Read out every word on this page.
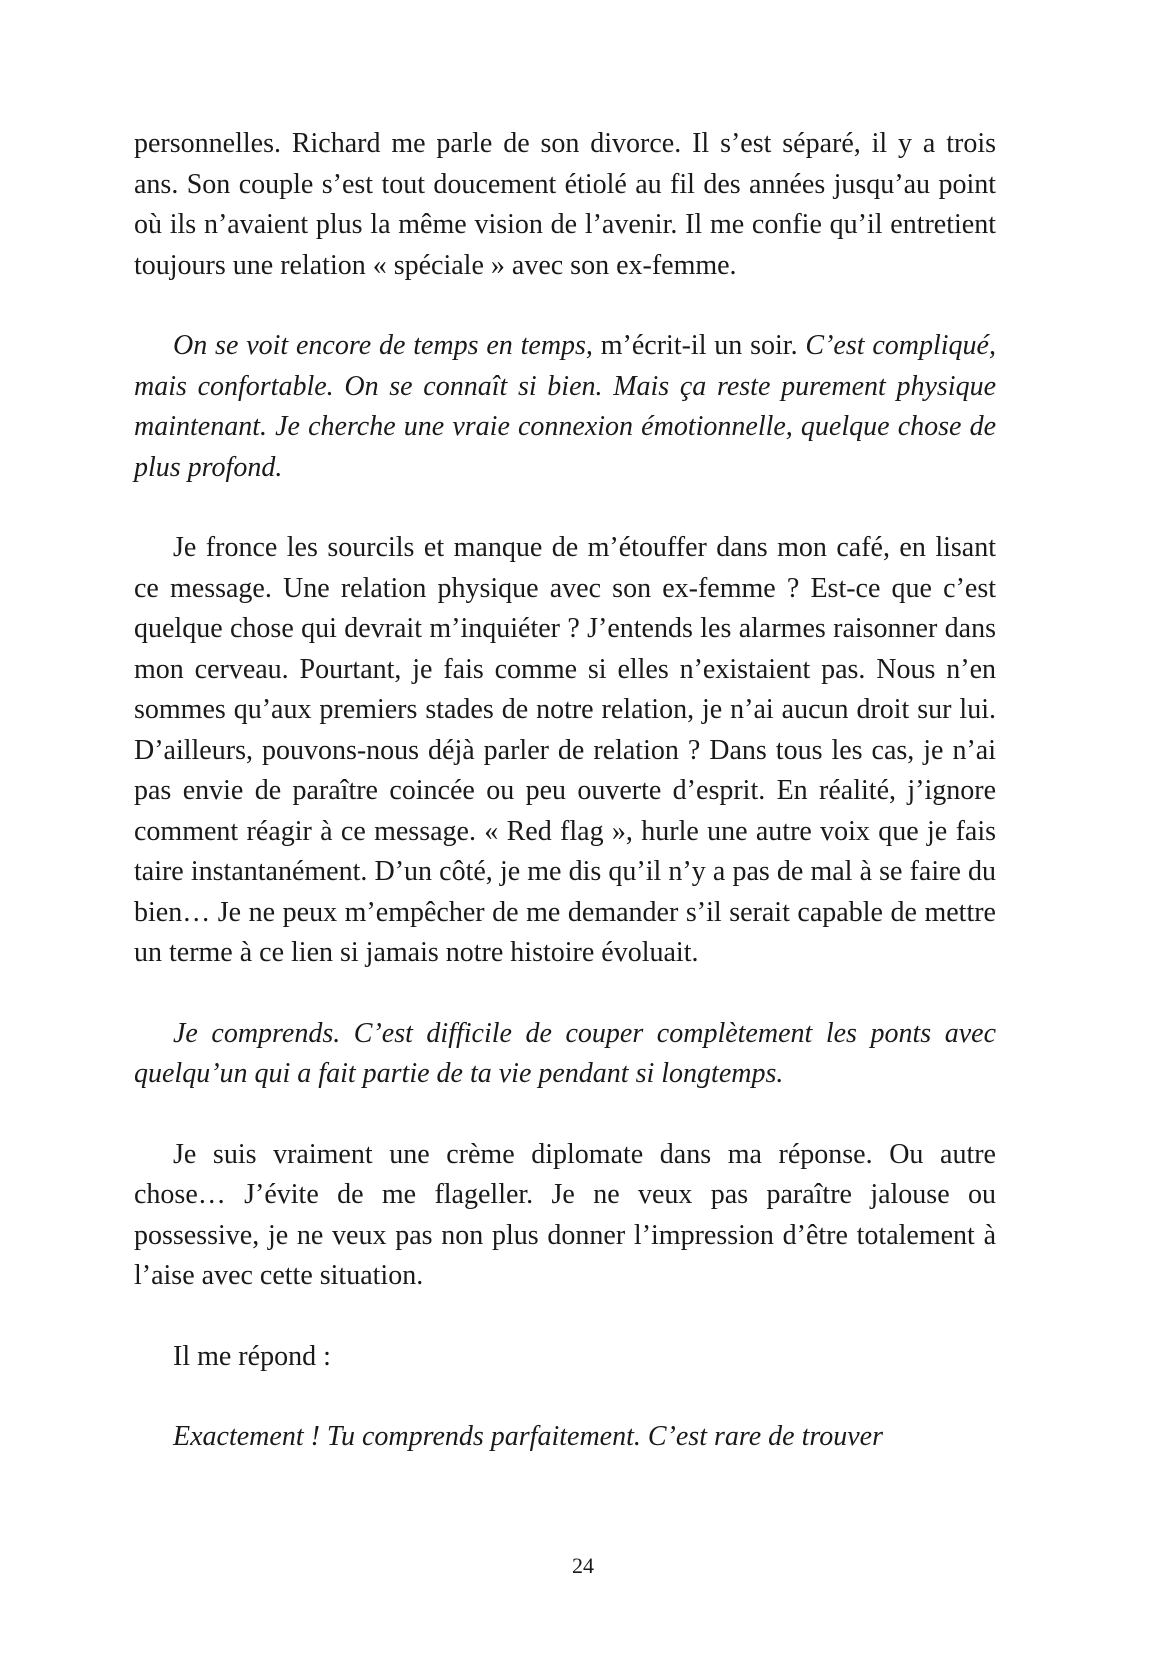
personnelles. Richard me parle de son divorce. Il s’est séparé, il y a trois ans. Son couple s’est tout doucement étiolé au fil des années jusqu’au point où ils n’avaient plus la même vision de l’avenir. Il me confie qu’il entretient toujours une relation « spéciale » avec son ex-femme.

On se voit encore de temps en temps, m’écrit-il un soir. C’est compliqué, mais confortable. On se connaît si bien. Mais ça reste purement physique maintenant. Je cherche une vraie connexion émotionnelle, quelque chose de plus profond.

Je fronce les sourcils et manque de m’étouffer dans mon café, en lisant ce message. Une relation physique avec son ex-femme ? Est-ce que c’est quelque chose qui devrait m’inquiéter ? J’entends les alarmes raisonner dans mon cerveau. Pourtant, je fais comme si elles n’existaient pas. Nous n’en sommes qu’aux premiers stades de notre relation, je n’ai aucun droit sur lui. D’ailleurs, pouvons-nous déjà parler de relation ? Dans tous les cas, je n’ai pas envie de paraître coincée ou peu ouverte d’esprit. En réalité, j’ignore comment réagir à ce message. « Red flag », hurle une autre voix que je fais taire instantanément. D’un côté, je me dis qu’il n’y a pas de mal à se faire du bien… Je ne peux m’empêcher de me demander s’il serait capable de mettre un terme à ce lien si jamais notre histoire évoluait.

Je comprends. C’est difficile de couper complètement les ponts avec quelqu’un qui a fait partie de ta vie pendant si longtemps.

Je suis vraiment une crème diplomate dans ma réponse. Ou autre chose… J’évite de me flageller. Je ne veux pas paraître jalouse ou possessive, je ne veux pas non plus donner l’impression d’être totalement à l’aise avec cette situation.

Il me répond :

Exactement ! Tu comprends parfaitement. C’est rare de trouver

24
